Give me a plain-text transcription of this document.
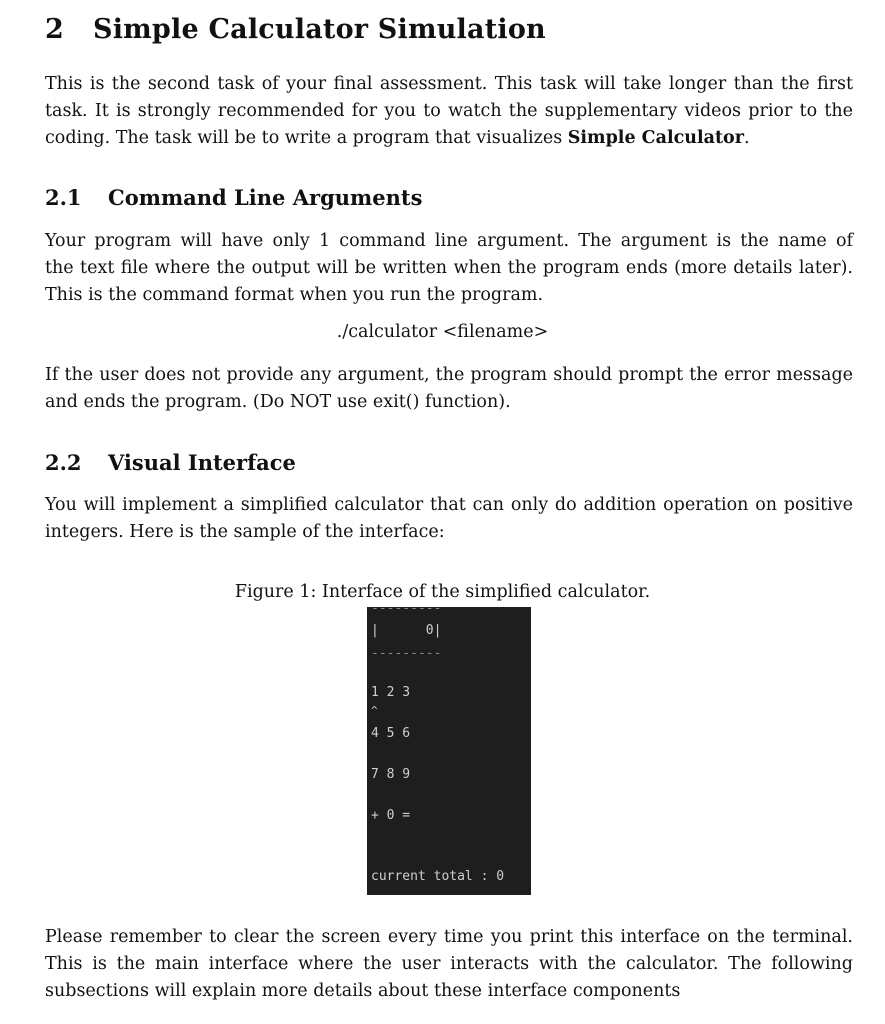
2 Simple Calculator Simulation

This is the second task of your final assessment. This task will take longer than the first
task. It is strongly recommended for you to watch the supplementary videos prior to the
coding. The task will be to write a program that visualizes Simple Calculator.

2.1 Command Line Arguments

Your program will have only 1 command line argument. The argument is the name of
the text file where the output will be written when the program ends (more details later).
This is the command format when you run the program.

./calculator <filename>

If the user does not provide any argument, the program should prompt the error message
and ends the program. (Do NOT use exit() function).

2.2 Visual Interface

You will implement a simplified calculator that can only do addition operation on positive
integers. Here is the sample of the interface:

Figure 1: Interface of the simplified calculator.
---------
|      0|
---------
1 2 3
^
4 5 6
7 8 9
+ 0 =
current total : 0

Please remember to clear the screen every time you print this interface on the terminal.
This is the main interface where the user interacts with the calculator. The following
subsections will explain more details about these interface components
